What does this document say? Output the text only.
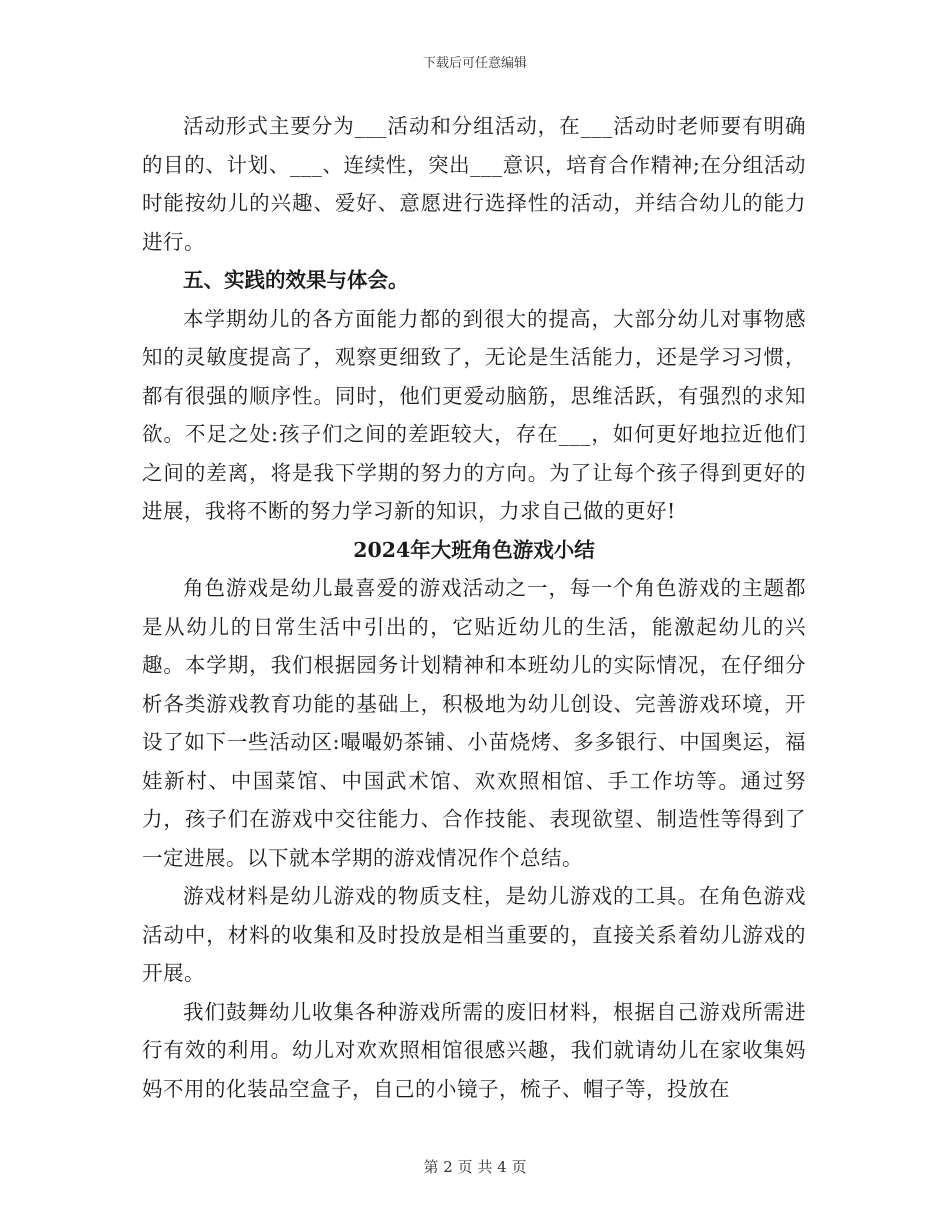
下载后可任意编辑

活动形式主要分为___活动和分组活动，在___活动时老师要有明确的目的、计划、___、连续性，突出___意识，培育合作精神;在分组活动时能按幼儿的兴趣、爱好、意愿进行选择性的活动，并结合幼儿的能力进行。

五、实践的效果与体会。

本学期幼儿的各方面能力都的到很大的提高，大部分幼儿对事物感知的灵敏度提高了，观察更细致了，无论是生活能力，还是学习习惯，都有很强的顺序性。同时，他们更爱动脑筋，思维活跃，有强烈的求知欲。不足之处:孩子们之间的差距较大，存在___，如何更好地拉近他们之间的差离，将是我下学期的努力的方向。为了让每个孩子得到更好的进展，我将不断的努力学习新的知识，力求自己做的更好!

2024年大班角色游戏小结

角色游戏是幼儿最喜爱的游戏活动之一，每一个角色游戏的主题都是从幼儿的日常生活中引出的，它贴近幼儿的生活，能激起幼儿的兴趣。本学期，我们根据园务计划精神和本班幼儿的实际情况，在仔细分析各类游戏教育功能的基础上，积极地为幼儿创设、完善游戏环境，开设了如下一些活动区:嘬嘬奶茶铺、小苗烧烤、多多银行、中国奥运，福娃新村、中国菜馆、中国武术馆、欢欢照相馆、手工作坊等。通过努力，孩子们在游戏中交往能力、合作技能、表现欲望、制造性等得到了一定进展。以下就本学期的游戏情况作个总结。

游戏材料是幼儿游戏的物质支柱，是幼儿游戏的工具。在角色游戏活动中，材料的收集和及时投放是相当重要的，直接关系着幼儿游戏的开展。

我们鼓舞幼儿收集各种游戏所需的废旧材料，根据自己游戏所需进行有效的利用。幼儿对欢欢照相馆很感兴趣，我们就请幼儿在家收集妈妈不用的化装品空盒子，自己的小镜子，梳子、帽子等，投放在

第 2 页 共 4 页
